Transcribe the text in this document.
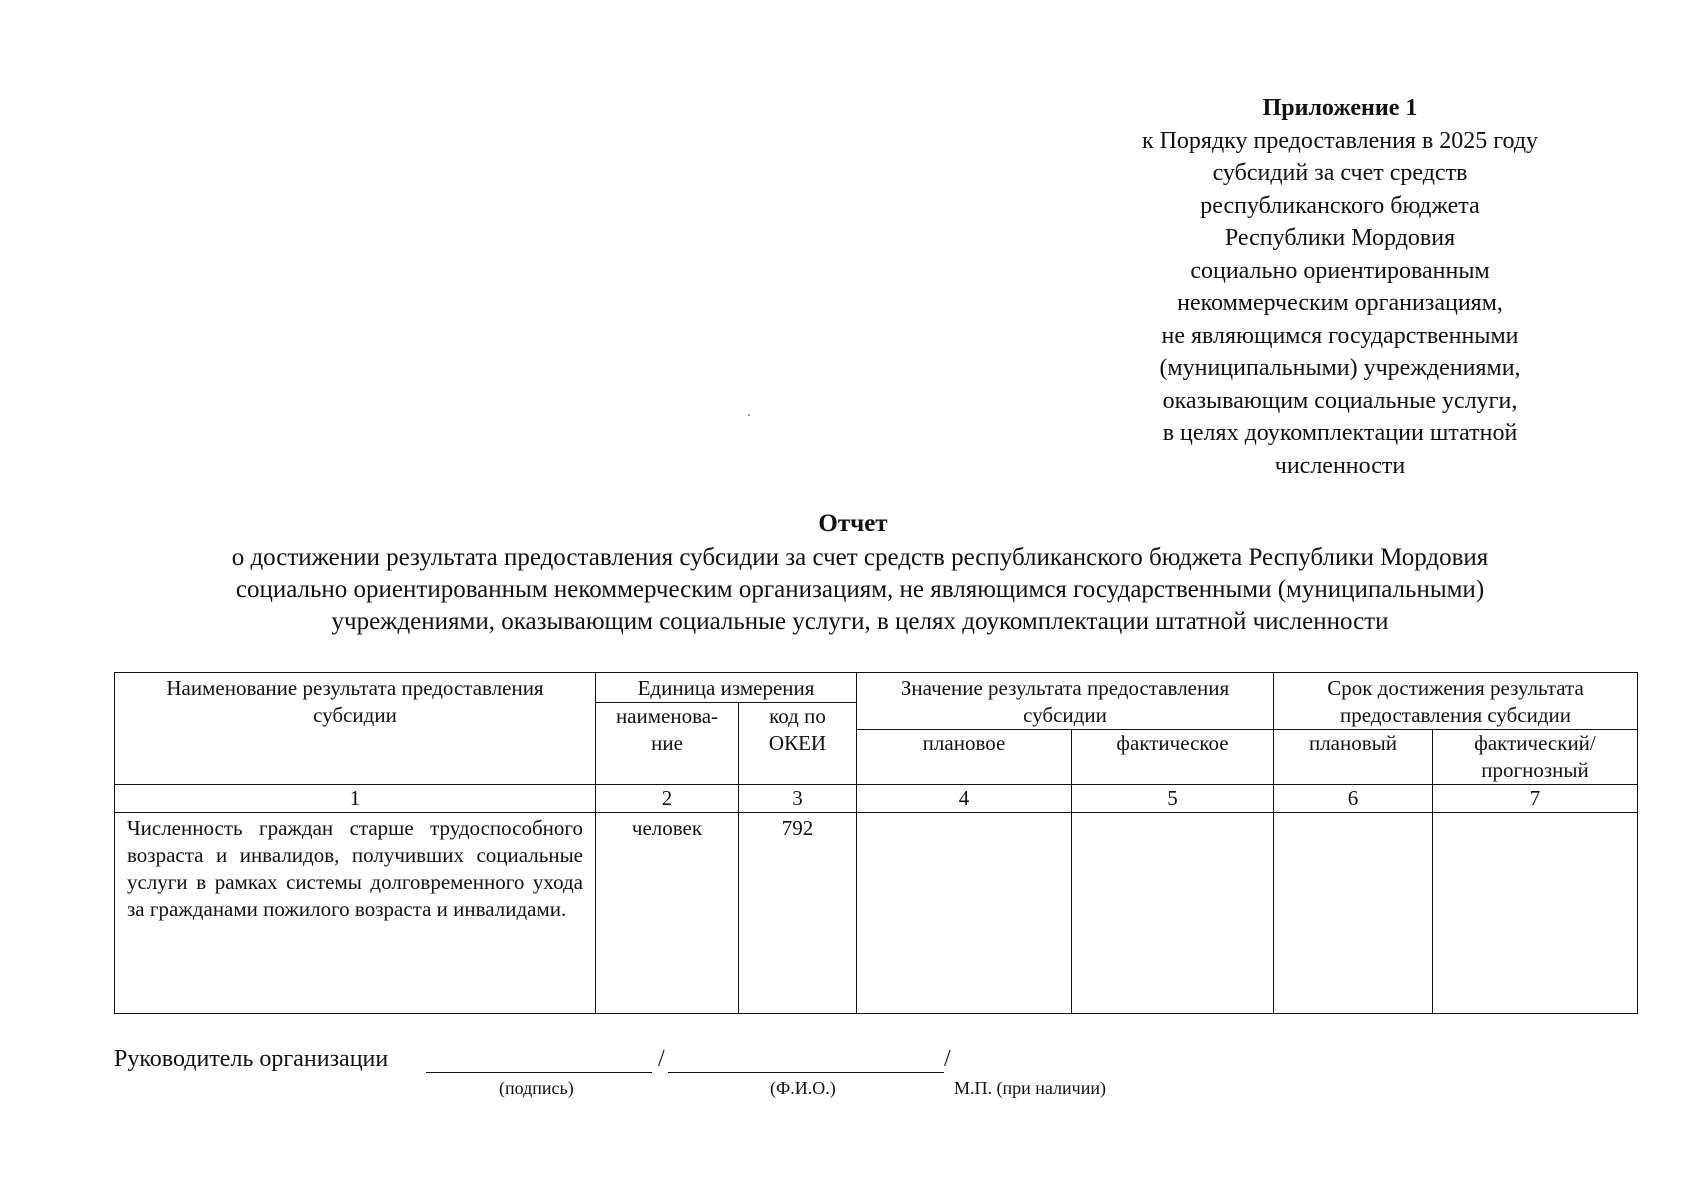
Приложение 1
к Порядку предоставления в 2025 году
субсидий за счет средств
республиканского бюджета
Республики Мордовия
социально ориентированным
некоммерческим организациям,
не являющимся государственными
(муниципальными) учреждениями,
оказывающим социальные услуги,
в целях доукомплектации штатной
численности
Отчет
о достижении результата предоставления субсидии за счет средств республиканского бюджета Республики Мордовия
социально ориентированным некоммерческим организациям, не являющимся государственными (муниципальными)
учреждениями, оказывающим социальные услуги, в целях доукомплектации штатной численности
Наименование результата предоставления субсидии	Единица измерения		Значение результата предоставления субсидии		Срок достижения результата предоставления субсидии	
	наименова-ние	код по ОКЕИ				
			плановое	фактическое	плановый	фактический/ прогнозный
1	2	3	4	5	6	7
Численность граждан старше трудоспособного возраста и инвалидов, получивших социальные услуги в рамках системы долговременного ухода за гражданами пожилого возраста и инвалидами.	человек	792				
Руководитель организации	/	/
(подпись)	(Ф.И.О.)	М.П. (при наличии)
